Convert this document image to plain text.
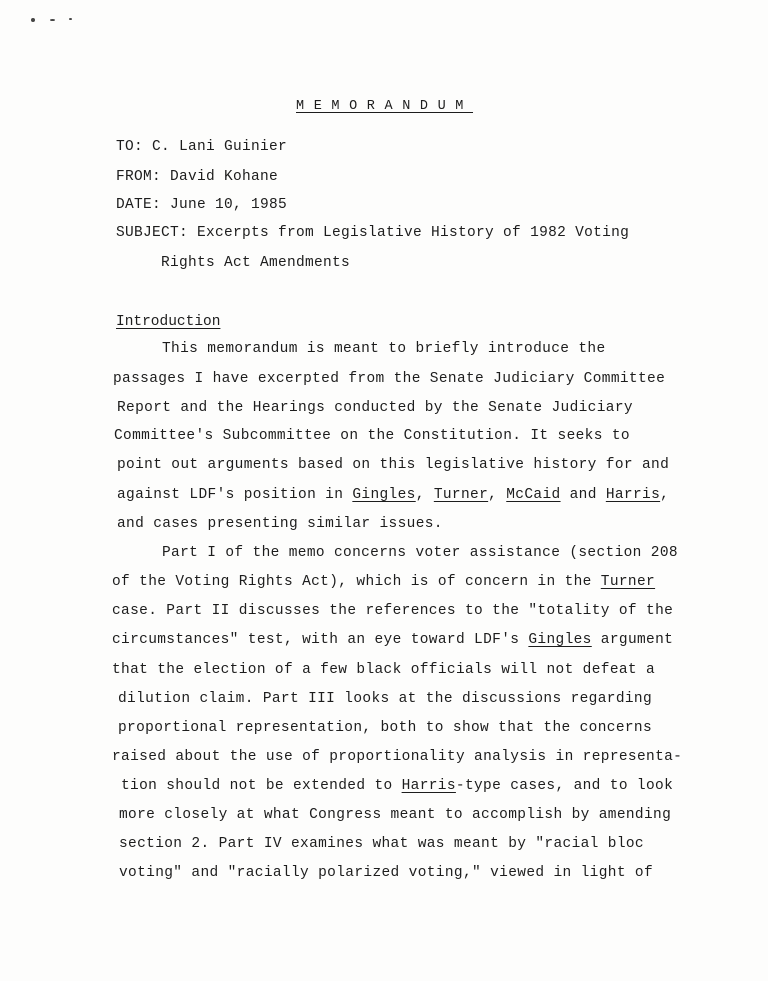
MEMORANDUM
TO: C. Lani Guinier
FROM: David Kohane
DATE: June 10, 1985
SUBJECT: Excerpts from Legislative History of 1982 Voting
Rights Act Amendments
Introduction
This memorandum is meant to briefly introduce the
passages I have excerpted from the Senate Judiciary Committee
Report and the Hearings conducted by the Senate Judiciary
Committee's Subcommittee on the Constitution. It seeks to
point out arguments based on this legislative history for and
against LDF's position in Gingles, Turner, McCaid and Harris,
and cases presenting similar issues.
Part I of the memo concerns voter assistance (section 208
of the Voting Rights Act), which is of concern in the Turner
case. Part II discusses the references to the "totality of the
circumstances" test, with an eye toward LDF's Gingles argument
that the election of a few black officials will not defeat a
dilution claim. Part III looks at the discussions regarding
proportional representation, both to show that the concerns
raised about the use of proportionality analysis in representa-
tion should not be extended to Harris-type cases, and to look
more closely at what Congress meant to accomplish by amending
section 2. Part IV examines what was meant by "racial bloc
voting" and "racially polarized voting," viewed in light of
